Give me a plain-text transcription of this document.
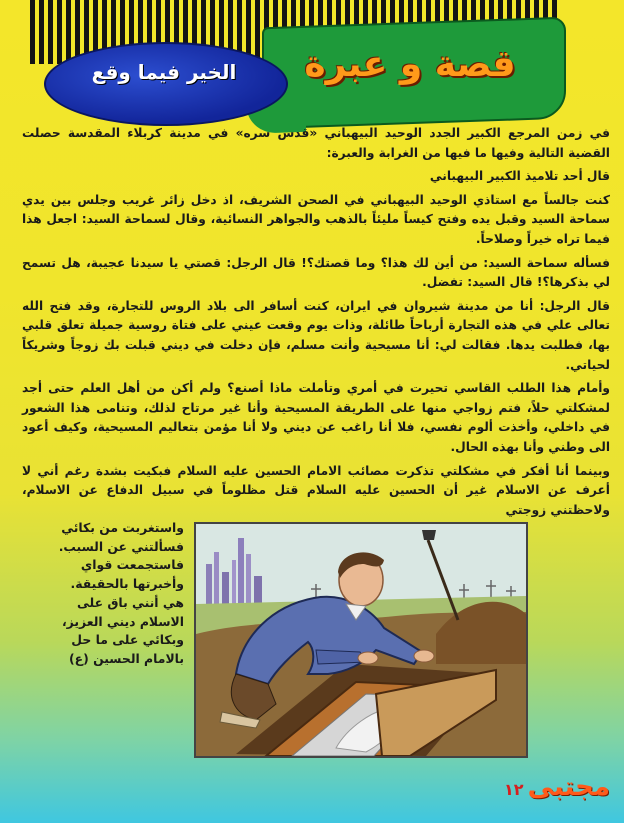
قصة و عبرة
الخير فيما وقع

في زمن المرجع الكبير الجدد الوحيد البيهباني «قدس سره» في مدينة كربلاء المقدسة حصلت القضية التالية وفيها ما فيها من الغرابة والعبرة:

قال أحد تلاميذ الكبير البيهباني

كنت جالساً مع استاذي الوحيد البيهباني في الصحن الشريف، اذ دخل زائر غريب وجلس بين يدي سماحة السيد وقبل يده وفتح كيساً مليئاً بالذهب والجواهر النسائية، وقال لسماحة السيد: اجعل هذا فيما تراه خيراً وصلاحاً.

فسأله سماحة السيد: من أين لك هذا؟ وما قصتك؟! قال الرجل: قصتي يا سيدنا عجيبة، هل تسمح لي بذكرها؟! قال السيد: تفضل.

قال الرجل: أنا من مدينة شيروان في ايران، كنت أسافر الى بلاد الروس للتجارة، وقد فتح الله تعالى علي في هذه التجارة أرباحاً طائلة، وذات يوم وقعت عيني على فتاة روسية جميلة تعلق قلبي بها، فطلبت يدها. فقالت لي: أنا مسيحية وأنت مسلم، فإن دخلت في ديني قبلت بك زوجاً وشريكاً لحياتي.

وأمام هذا الطلب القاسي تحيرت في أمري وتأملت ماذا أصنع؟ ولم أكن من أهل العلم حتى أجد لمشكلتي حلاً، فتم زواجي منها على الطريقة المسيحية وأنا غير مرتاح لذلك، وتنامى هذا الشعور في داخلي، وأخذت ألوم نفسي، فلا أنا راغب عن ديني ولا أنا مؤمن بتعاليم المسيحية، وكيف أعود الى وطني وأنا بهذه الحال.

وبينما أنا أفكر في مشكلتي تذكرت مصائب الامام الحسين عليه السلام فبكيت بشدة رغم أني لا أعرف عن الاسلام غير أن الحسين عليه السلام قتل مظلوماً في سبيل الدفاع عن الاسلام، ولاحظتني زوجتي

واستغربت من بكائي
فسألتني عن السبب.
فاستجمعت قواي
وأخبرتها بالحقيقة.
هي أنني باق على
الاسلام ديني العزيز،
وبكائي على ما حل
بالامام الحسين (ع)
مجتبى
١٢
